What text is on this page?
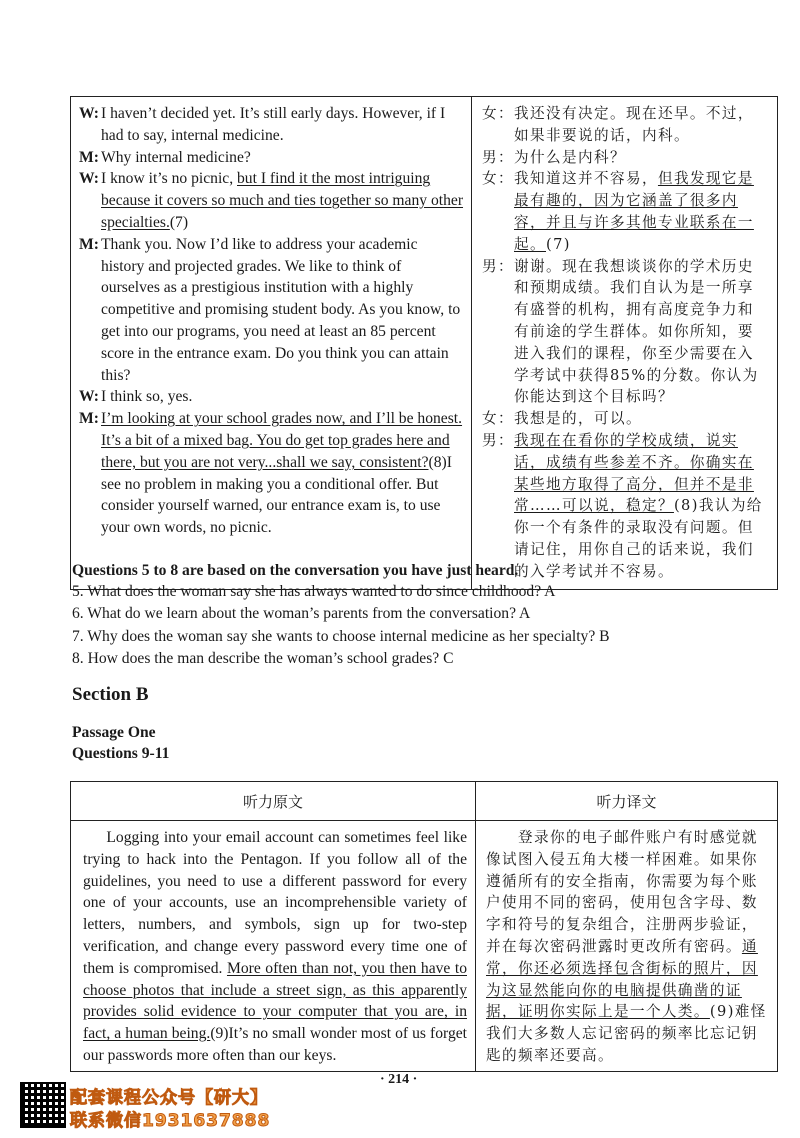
W: I haven’t decided yet. It’s still early days. However, if I had to say, internal medicine.
M: Why internal medicine?
W: I know it’s no picnic, but I find it the most intriguing because it covers so much and ties together so many other specialties.(7)
M: Thank you. Now I’d like to address your academic history and projected grades. We like to think of ourselves as a prestigious institution with a highly competitive and promising student body. As you know, to get into our programs, you need at least an 85 percent score in the entrance exam. Do you think you can attain this?
W: I think so, yes.
M: I’m looking at your school grades now, and I’ll be honest. It’s a bit of a mixed bag. You do get top grades here and there, but you are not very...shall we say, consistent?(8)I see no problem in making you a conditional offer. But consider yourself warned, our entrance exam is, to use your own words, no picnic.

女： 我还没有决定。现在还早。不过，如果非要说的话，内科。
男： 为什么是内科？
女： 我知道这并不容易，但我发现它是最有趣的，因为它涵盖了很多内容，并且与许多其他专业联系在一起。(7)
男： 谢谢。现在我想谈谈你的学术历史和预期成绩。我们自认为是一所享有盛誉的机构，拥有高度竞争力和有前途的学生群体。如你所知，要进入我们的课程，你至少需要在入学考试中获得85%的分数。你认为你能达到这个目标吗？
女： 我想是的，可以。
男： 我现在在看你的学校成绩，说实话，成绩有些参差不齐。你确实在某些地方取得了高分，但并不是非常……可以说，稳定？(8)我认为给你一个有条件的录取没有问题。但请记住，用你自己的话来说，我们的入学考试并不容易。
Questions 5 to 8 are based on the conversation you have just heard.
5. What does the woman say she has always wanted to do since childhood? A
6. What do we learn about the woman’s parents from the conversation? A
7. Why does the woman say she wants to choose internal medicine as her specialty? B
8. How does the man describe the woman’s school grades? C
Section B
Passage One
Questions 9-11
听力原文	听力译文
  Logging into your email account can sometimes feel like trying to hack into the Pentagon. If you follow all of the guidelines, you need to use a different password for every one of your accounts, use an incomprehensible variety of letters, numbers, and symbols, sign up for two-step verification, and change every password every time one of them is compromised. More often than not, you then have to choose photos that include a street sign, as this apparently provides solid evidence to your computer that you are, in fact, a human being.(9)It’s no small wonder most of us forget our passwords more often than our keys.	  登录你的电子邮件账户有时感觉就像试图入侵五角大楼一样困难。如果你遵循所有的安全指南，你需要为每个账户使用不同的密码，使用包含字母、数字和符号的复杂组合，注册两步验证，并在每次密码泄露时更改所有密码。通常，你还必须选择包含街标的照片，因为这显然能向你的电脑提供确凿的证据，证明你实际上是一个人类。(9)难怪我们大多数人忘记密码的频率比忘记钥匙的频率还要高。
· 214 ·
配套课程公众号【研大】
联系微信1931637888
